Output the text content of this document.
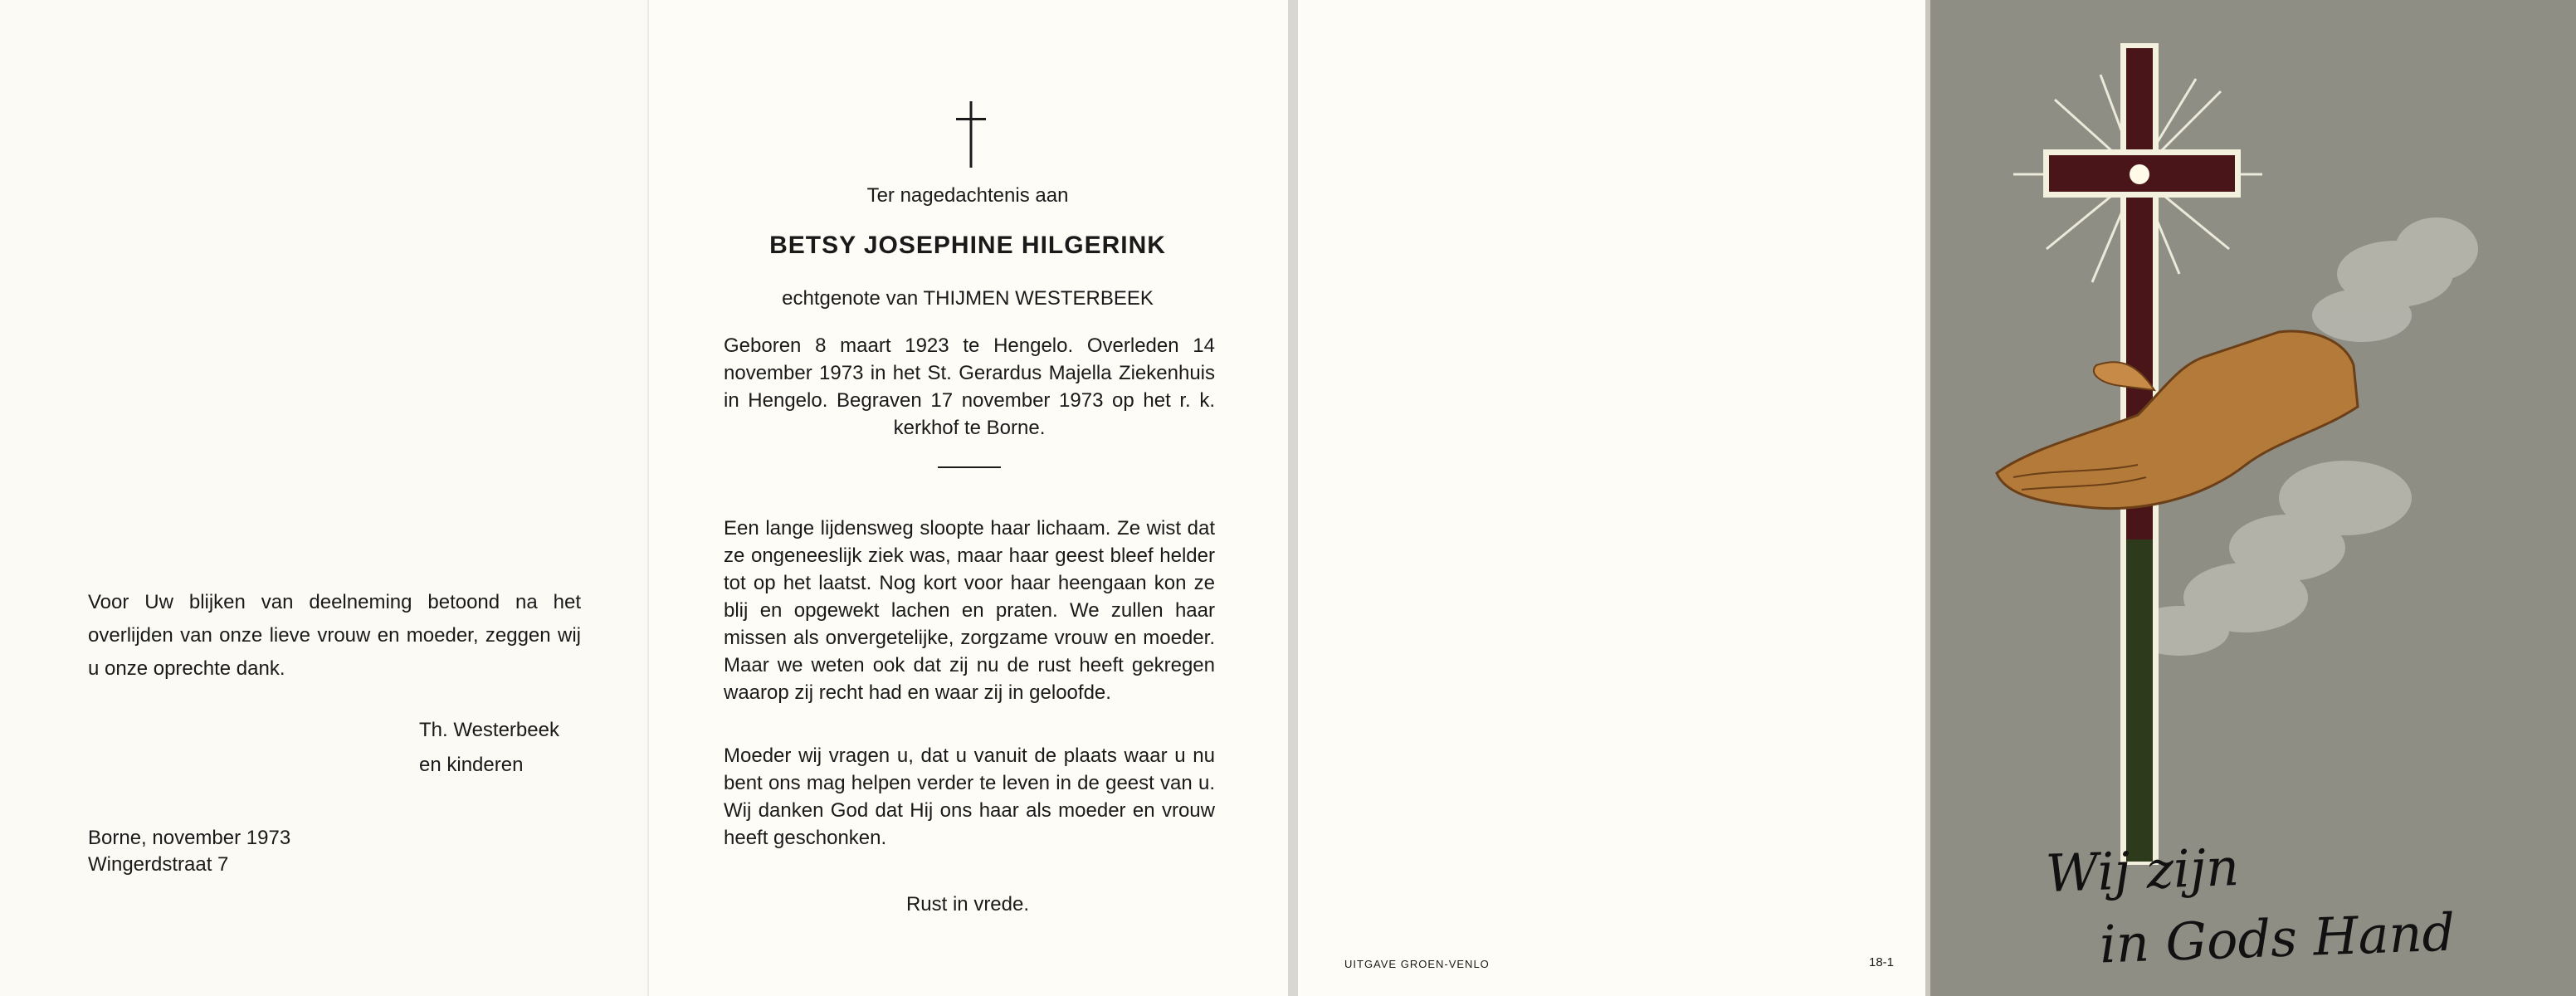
Voor Uw blijken van deelneming betoond na het overlijden van onze lieve vrouw en moeder, zeggen wij u onze oprechte dank.

Th. Westerbeek

en kinderen

Borne, november 1973

Wingerdstraat 7

Ter nagedachtenis aan

BETSY JOSEPHINE HILGERINK

echtgenote van THIJMEN WESTERBEEK

Geboren 8 maart 1923 te Hengelo. Overleden 14 november 1973 in het St. Gerardus Majella Ziekenhuis in Hengelo. Begraven 17 november 1973 op het r. k. kerkhof te Borne.

Een lange lijdensweg sloopte haar lichaam. Ze wist dat ze ongeneeslijk ziek was, maar haar geest bleef helder tot op het laatst. Nog kort voor haar heengaan kon ze blij en opgewekt lachen en praten. We zullen haar missen als onvergetelijke, zorgzame vrouw en moeder. Maar we weten ook dat zij nu de rust heeft gekregen waarop zij recht had en waar zij in geloofde.

Moeder wij vragen u, dat u vanuit de plaats waar u nu bent ons mag helpen verder te leven in de geest van u. Wij danken God dat Hij ons haar als moeder en vrouw heeft geschonken.

Rust in vrede.

UITGAVE GROEN-VENLO	18-1

Wij zijn

in Gods Hand
